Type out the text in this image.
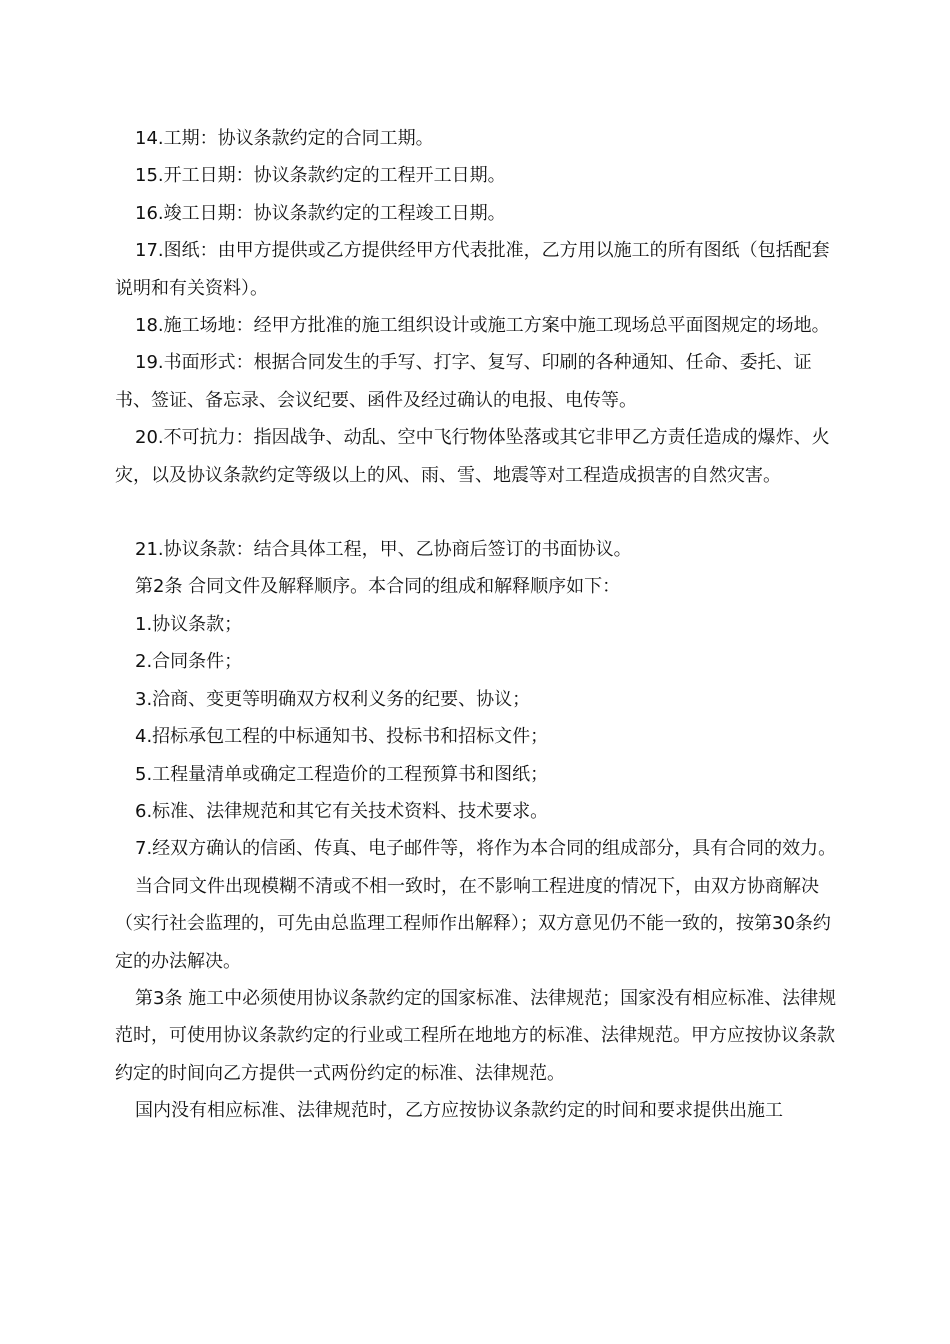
14.工期：协议条款约定的合同工期。

15.开工日期：协议条款约定的工程开工日期。

16.竣工日期：协议条款约定的工程竣工日期。

17.图纸：由甲方提供或乙方提供经甲方代表批准，乙方用以施工的所有图纸（包括配套说明和有关资料）。

18.施工场地：经甲方批准的施工组织设计或施工方案中施工现场总平面图规定的场地。

19.书面形式：根据合同发生的手写、打字、复写、印刷的各种通知、任命、委托、证书、签证、备忘录、会议纪要、函件及经过确认的电报、电传等。

20.不可抗力：指因战争、动乱、空中飞行物体坠落或其它非甲乙方责任造成的爆炸、火灾，以及协议条款约定等级以上的风、雨、雪、地震等对工程造成损害的自然灾害。

21.协议条款：结合具体工程，甲、乙协商后签订的书面协议。

第2条 合同文件及解释顺序。本合同的组成和解释顺序如下：

1.协议条款；

2.合同条件；

3.洽商、变更等明确双方权利义务的纪要、协议；

4.招标承包工程的中标通知书、投标书和招标文件；

5.工程量清单或确定工程造价的工程预算书和图纸；

6.标准、法律规范和其它有关技术资料、技术要求。

7.经双方确认的信函、传真、电子邮件等，将作为本合同的组成部分，具有合同的效力。

当合同文件出现模糊不清或不相一致时，在不影响工程进度的情况下，由双方协商解决（实行社会监理的，可先由总监理工程师作出解释）；双方意见仍不能一致的，按第30条约定的办法解决。

第3条 施工中必须使用协议条款约定的国家标准、法律规范；国家没有相应标准、法律规范时，可使用协议条款约定的行业或工程所在地地方的标准、法律规范。甲方应按协议条款约定的时间向乙方提供一式两份约定的标准、法律规范。

国内没有相应标准、法律规范时，乙方应按协议条款约定的时间和要求提供出施工
